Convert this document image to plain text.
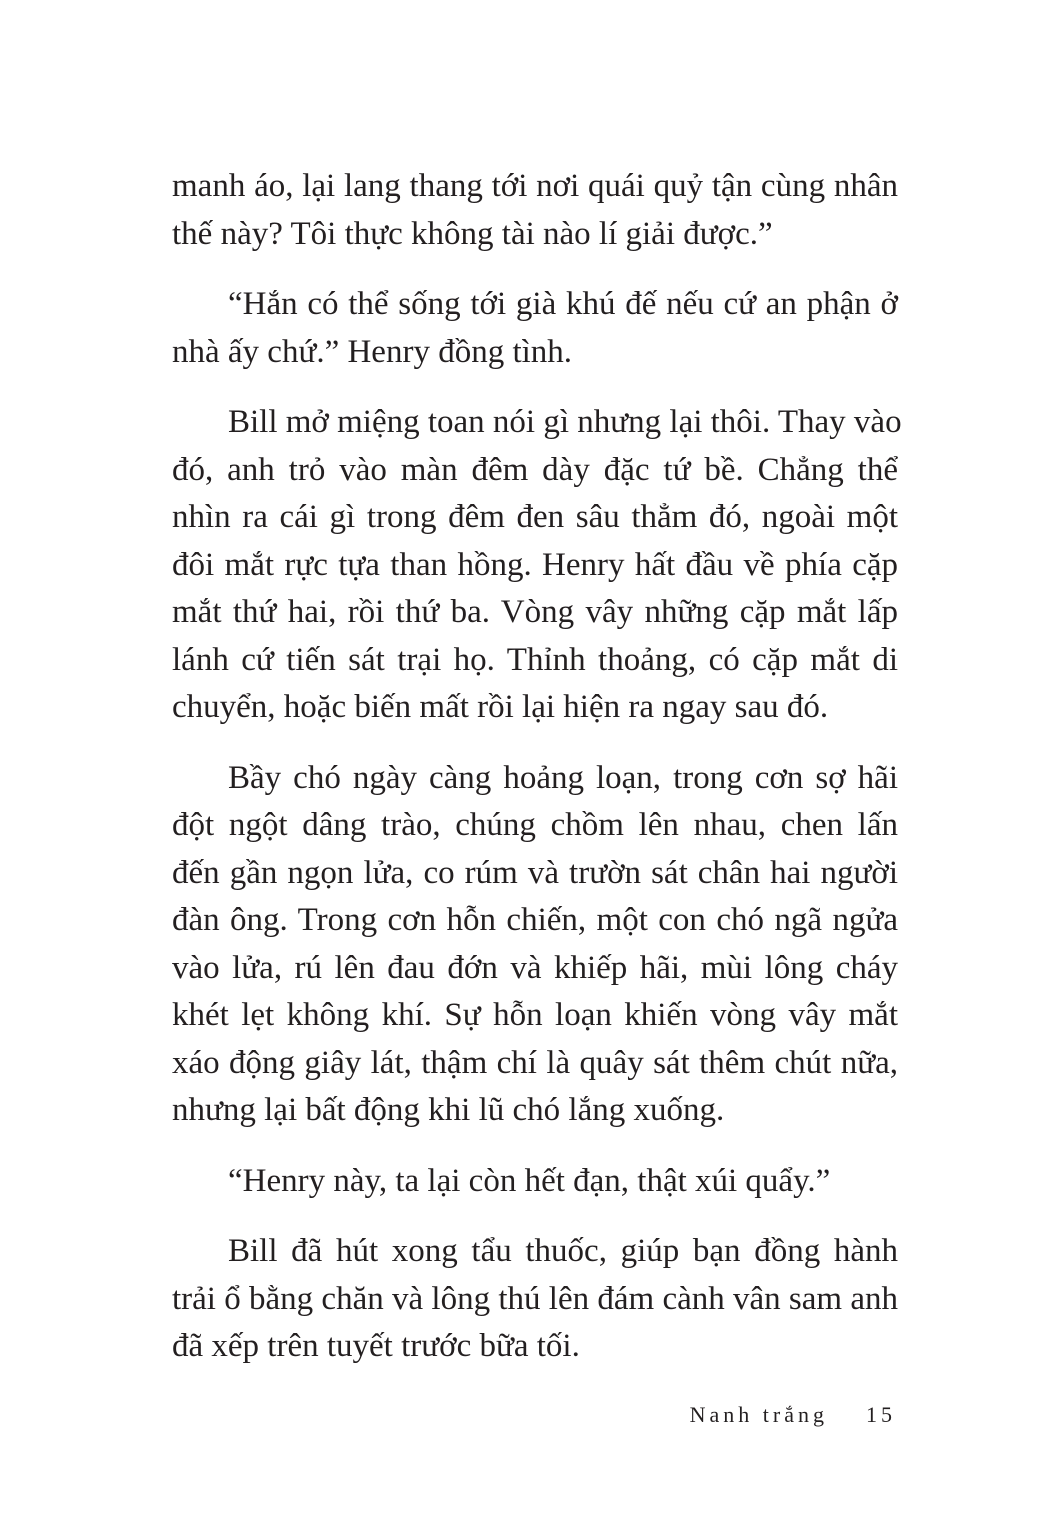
manh áo, lại lang thang tới nơi quái quỷ tận cùng nhân
thế này? Tôi thực không tài nào lí giải được.”

“Hắn có thể sống tới già khú đế nếu cứ an phận ở
nhà ấy chứ.” Henry đồng tình.

Bill mở miệng toan nói gì nhưng lại thôi. Thay vào
đó, anh trỏ vào màn đêm dày đặc tứ bề. Chẳng thể
nhìn ra cái gì trong đêm đen sâu thẳm đó, ngoài một
đôi mắt rực tựa than hồng. Henry hất đầu về phía cặp
mắt thứ hai, rồi thứ ba. Vòng vây những cặp mắt lấp
lánh cứ tiến sát trại họ. Thỉnh thoảng, có cặp mắt di
chuyển, hoặc biến mất rồi lại hiện ra ngay sau đó.

Bầy chó ngày càng hoảng loạn, trong cơn sợ hãi
đột ngột dâng trào, chúng chồm lên nhau, chen lấn
đến gần ngọn lửa, co rúm và trườn sát chân hai người
đàn ông. Trong cơn hỗn chiến, một con chó ngã ngửa
vào lửa, rú lên đau đớn và khiếp hãi, mùi lông cháy
khét lẹt không khí. Sự hỗn loạn khiến vòng vây mắt
xáo động giây lát, thậm chí là quây sát thêm chút nữa,
nhưng lại bất động khi lũ chó lắng xuống.

“Henry này, ta lại còn hết đạn, thật xúi quẩy.”

Bill đã hút xong tẩu thuốc, giúp bạn đồng hành
trải ổ bằng chăn và lông thú lên đám cành vân sam anh
đã xếp trên tuyết trước bữa tối.

Nanh trắng 15
